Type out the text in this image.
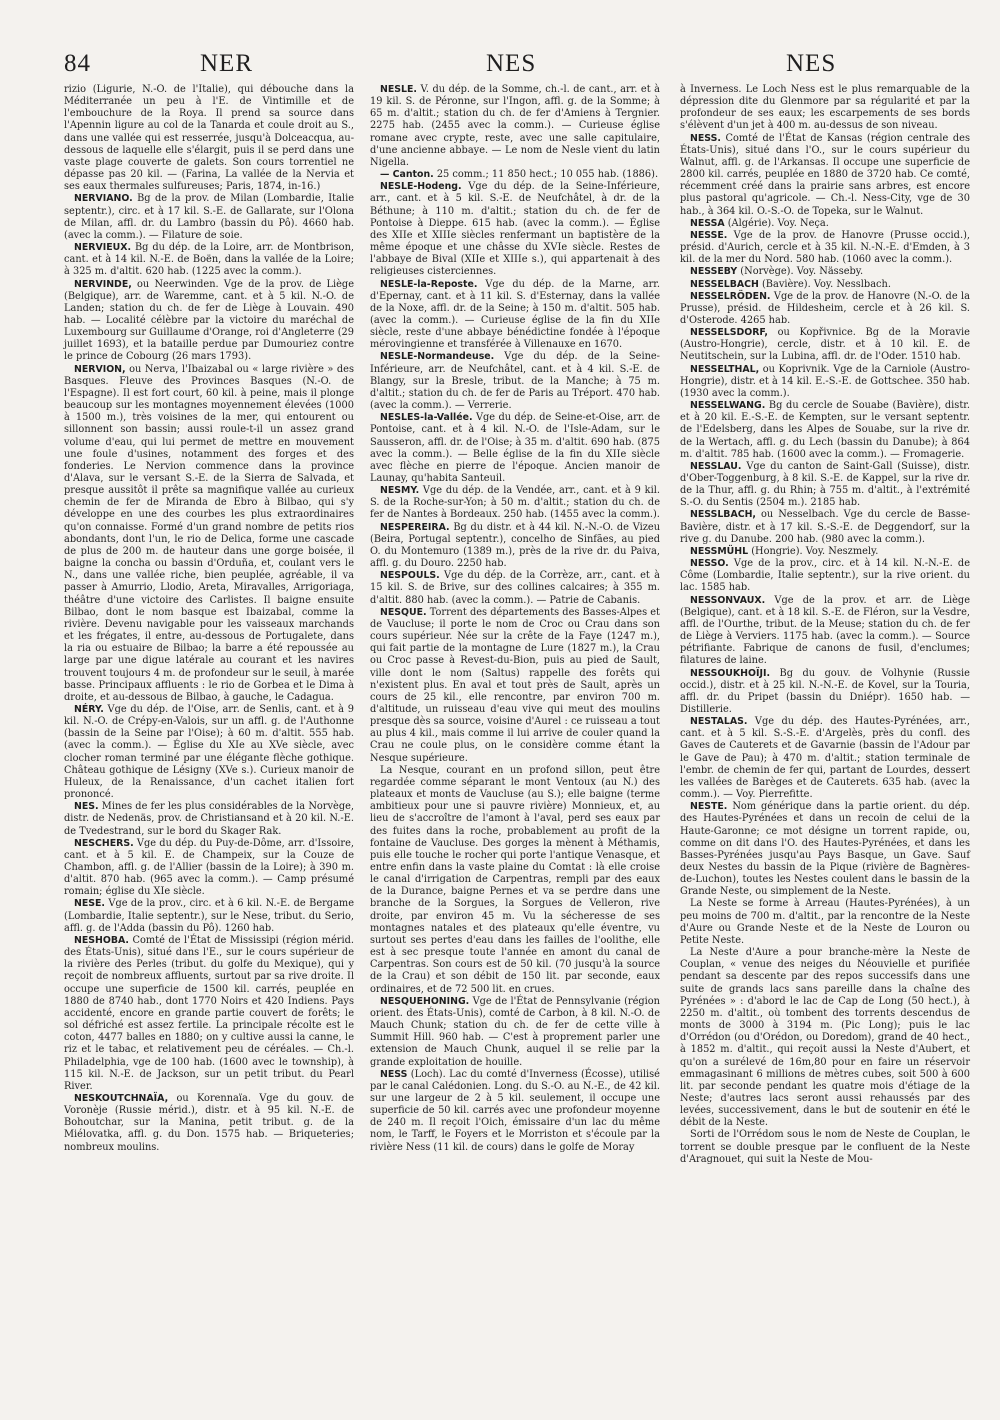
84	NER	NES	NES

rizio (Ligurie, N.-O. de l'Italie), qui débouche dans la Méditerranée un peu à l'E. de Vintimille et de l'embouchure de la Roya. Il prend sa source dans l'Apennin ligure au col de la Tanarda et coule droit au S., dans une vallée qui est resserrée, jusqu'à Dolceacqua, au-dessous de laquelle elle s'élargit, puis il se perd dans une vaste plage couverte de galets. Son cours torrentiel ne dépasse pas 20 kil. — (Farina, La vallée de la Nervia et ses eaux thermales sulfureuses; Paris, 1874, in-16.)

NERVIANO. Bg de la prov. de Milan (Lombardie, Italie septentr.), circ. et à 17 kil. S.-E. de Gallarate, sur l'Olona de Milan, affl. dr. du Lambro (bassin du Pô). 4660 hab. (avec la comm.). — Filature de soie.

NERVIEUX. Bg du dép. de la Loire, arr. de Montbrison, cant. et à 14 kil. N.-E. de Boën, dans la vallée de la Loire; à 325 m. d'altit. 620 hab. (1225 avec la comm.).

NERVINDE, ou Neerwinden. Vge de la prov. de Liège (Belgique), arr. de Waremme, cant. et à 5 kil. N.-O. de Landen; station du ch. de fer de Liège à Louvain. 490 hab. — Localité célèbre par la victoire du maréchal de Luxembourg sur Guillaume d'Orange, roi d'Angleterre (29 juillet 1693), et la bataille perdue par Dumouriez contre le prince de Cobourg (26 mars 1793).

NERVION, ou Nerva, l'Ibaizabal ou « large rivière » des Basques. Fleuve des Provinces Basques (N.-O. de l'Espagne). Il est fort court, 60 kil. à peine, mais il plonge beaucoup sur les montagnes moyennement élevées (1000 à 1500 m.), très voisines de la mer, qui entourent ou sillonnent son bassin; aussi roule-t-il un assez grand volume d'eau, qui lui permet de mettre en mouvement une foule d'usines, notamment des forges et des fonderies. Le Nervion commence dans la province d'Alava, sur le versant S.-E. de la Sierra de Salvada, et presque aussitôt il prête sa magnifique vallée au curieux chemin de fer de Miranda de Ebro à Bilbao, qui s'y développe en une des courbes les plus extraordinaires qu'on connaisse. Formé d'un grand nombre de petits rios abondants, dont l'un, le rio de Delica, forme une cascade de plus de 200 m. de hauteur dans une gorge boisée, il baigne la concha ou bassin d'Orduña, et, coulant vers le N., dans une vallée riche, bien peuplée, agréable, il va passer à Amurrio, Llodio, Areta, Miravalles, Arrigoriaga, théâtre d'une victoire des Carlistes. Il baigne ensuite Bilbao, dont le nom basque est Ibaizabal, comme la rivière. Devenu navigable pour les vaisseaux marchands et les frégates, il entre, au-dessous de Portugalete, dans la ria ou estuaire de Bilbao; la barre a été repoussée au large par une digue latérale au courant et les navires trouvent toujours 4 m. de profondeur sur le seuil, à marée basse. Principaux affluents : le rio de Gorbea et le Dima à droite, et au-dessous de Bilbao, à gauche, le Cadagua.

NÉRY. Vge du dép. de l'Oise, arr. de Senlis, cant. et à 9 kil. N.-O. de Crépy-en-Valois, sur un affl. g. de l'Authonne (bassin de la Seine par l'Oise); à 60 m. d'altit. 555 hab. (avec la comm.). — Église du XIe au XVe siècle, avec clocher roman terminé par une élégante flèche gothique. Château gothique de Lésigny (XVe s.). Curieux manoir de Huleux, de la Renaissance, d'un cachet italien fort prononcé.

NES. Mines de fer les plus considérables de la Norvège, distr. de Nedenäs, prov. de Christiansand et à 20 kil. N.-E. de Tvedestrand, sur le bord du Skager Rak.

NESCHERS. Vge du dép. du Puy-de-Dôme, arr. d'Issoire, cant. et à 5 kil. E. de Champeix, sur la Couze de Chambon, affl. g. de l'Allier (bassin de la Loire); à 390 m. d'altit. 870 hab. (965 avec la comm.). — Camp présumé romain; église du XIe siècle.

NESE. Vge de la prov., circ. et à 6 kil. N.-E. de Bergame (Lombardie, Italie septentr.), sur le Nese, tribut. du Serio, affl. g. de l'Adda (bassin du Pô). 1260 hab.

NESHOBA. Comté de l'État de Mississipi (région mérid. des États-Unis), situé dans l'E., sur le cours supérieur de la rivière des Perles (tribut. du golfe du Mexique), qui y reçoit de nombreux affluents, surtout par sa rive droite. Il occupe une superficie de 1500 kil. carrés, peuplée en 1880 de 8740 hab., dont 1770 Noirs et 420 Indiens. Pays accidenté, encore en grande partie couvert de forêts; le sol défriché est assez fertile. La principale récolte est le coton, 4477 balles en 1880; on y cultive aussi la canne, le riz et le tabac, et relativement peu de céréales. — Ch.-l. Philadelphia, vge de 100 hab. (1600 avec le township), à 115 kil. N.-E. de Jackson, sur un petit tribut. du Pearl River.

NESKOUTCHNAÏA, ou Korennaïa. Vge du gouv. de Voronèje (Russie mérid.), distr. et à 95 kil. N.-E. de Bohoutchar, sur la Manina, petit tribut. g. de la Miélovatka, affl. g. du Don. 1575 hab. — Briqueteries; nombreux moulins.

NESLE. V. du dép. de la Somme, ch.-l. de cant., arr. et à 19 kil. S. de Péronne, sur l'Ingon, affl. g. de la Somme; à 65 m. d'altit.; station du ch. de fer d'Amiens à Tergnier. 2275 hab. (2455 avec la comm.). — Curieuse église romane avec crypte, reste, avec une salle capitulaire, d'une ancienne abbaye. — Le nom de Nesle vient du latin Nigella.

— Canton. 25 comm.; 11 850 hect.; 10 055 hab. (1886).

NESLE-Hodeng. Vge du dép. de la Seine-Inférieure, arr., cant. et à 5 kil. S.-E. de Neufchâtel, à dr. de la Béthune; à 110 m. d'altit.; station du ch. de fer de Pontoise à Dieppe. 615 hab. (avec la comm.). — Église des XIIe et XIIIe siècles renfermant un baptistère de la même époque et une châsse du XVIe siècle. Restes de l'abbaye de Bival (XIIe et XIIIe s.), qui appartenait à des religieuses cisterciennes.

NESLE-la-Reposte. Vge du dép. de la Marne, arr. d'Epernay, cant. et à 11 kil. S. d'Esternay, dans la vallée de la Noxe, affl. dr. de la Seine; à 150 m. d'altit. 505 hab. (avec la comm.). — Curieuse église de la fin du XIIe siècle, reste d'une abbaye bénédictine fondée à l'époque mérovingienne et transférée à Villenauxe en 1670.

NESLE-Normandeuse. Vge du dép. de la Seine-Inférieure, arr. de Neufchâtel, cant. et à 4 kil. S.-E. de Blangy, sur la Bresle, tribut. de la Manche; à 75 m. d'altit.; station du ch. de fer de Paris au Tréport. 470 hab. (avec la comm.). — Verrerie.

NESLES-la-Vallée. Vge du dép. de Seine-et-Oise, arr. de Pontoise, cant. et à 4 kil. N.-O. de l'Isle-Adam, sur le Sausseron, affl. dr. de l'Oise; à 35 m. d'altit. 690 hab. (875 avec la comm.). — Belle église de la fin du XIIe siècle avec flèche en pierre de l'époque. Ancien manoir de Launay, qu'habita Santeuil.

NESMY. Vge du dép. de la Vendée, arr., cant. et à 9 kil. S. de la Roche-sur-Yon; à 50 m. d'altit.; station du ch. de fer de Nantes à Bordeaux. 250 hab. (1455 avec la comm.).

NESPEREIRA. Bg du distr. et à 44 kil. N.-N.-O. de Vizeu (Beira, Portugal septentr.), concelho de Sinfães, au pied O. du Montemuro (1389 m.), près de la rive dr. du Paiva, affl. g. du Douro. 2250 hab.

NESPOULS. Vge du dép. de la Corrèze, arr., cant. et à 15 kil. S. de Brive, sur des collines calcaires; à 355 m. d'altit. 880 hab. (avec la comm.). — Patrie de Cabanis.

NESQUE. Torrent des départements des Basses-Alpes et de Vaucluse; il porte le nom de Croc ou Crau dans son cours supérieur. Née sur la crête de la Faye (1247 m.), qui fait partie de la montagne de Lure (1827 m.), la Crau ou Croc passe à Revest-du-Bion, puis au pied de Sault, ville dont le nom (Saltus) rappelle des forêts qui n'existent plus. En aval et tout près de Sault, après un cours de 25 kil., elle rencontre, par environ 700 m. d'altitude, un ruisseau d'eau vive qui meut des moulins presque dès sa source, voisine d'Aurel : ce ruisseau a tout au plus 4 kil., mais comme il lui arrive de couler quand la Crau ne coule plus, on le considère comme étant la Nesque supérieure.

La Nesque, courant en un profond sillon, peut être regardée comme séparant le mont Ventoux (au N.) des plateaux et monts de Vaucluse (au S.); elle baigne (terme ambitieux pour une si pauvre rivière) Monnieux, et, au lieu de s'accroître de l'amont à l'aval, perd ses eaux par des fuites dans la roche, probablement au profit de la fontaine de Vaucluse. Des gorges la mènent à Méthamis, puis elle touche le rocher qui porte l'antique Venasque, et entre enfin dans la vaste plaine du Comtat : là elle croise le canal d'irrigation de Carpentras, rempli par des eaux de la Durance, baigne Pernes et va se perdre dans une branche de la Sorgues, la Sorgues de Velleron, rive droite, par environ 45 m. Vu la sécheresse de ses montagnes natales et des plateaux qu'elle éventre, vu surtout ses pertes d'eau dans les failles de l'oolithe, elle est à sec presque toute l'année en amont du canal de Carpentras. Son cours est de 50 kil. (70 jusqu'à la source de la Crau) et son débit de 150 lit. par seconde, eaux ordinaires, et de 72 500 lit. en crues.

NESQUEHONING. Vge de l'État de Pennsylvanie (région orient. des États-Unis), comté de Carbon, à 8 kil. N.-O. de Mauch Chunk; station du ch. de fer de cette ville à Summit Hill. 960 hab. — C'est à proprement parler une extension de Mauch Chunk, auquel il se relie par la grande exploitation de houille.

NESS (Loch). Lac du comté d'Inverness (Écosse), utilisé par le canal Calédonien. Long. du S.-O. au N.-E., de 42 kil. sur une largeur de 2 à 5 kil. seulement, il occupe une superficie de 50 kil. carrés avec une profondeur moyenne de 240 m. Il reçoit l'Oich, émissaire d'un lac du même nom, le Tarff, le Foyers et le Morriston et s'écoule par la rivière Ness (11 kil. de cours) dans le golfe de Moray

à Inverness. Le Loch Ness est le plus remarquable de la dépression dite du Glenmore par sa régularité et par la profondeur de ses eaux; les escarpements de ses bords s'élèvent d'un jet à 400 m. au-dessus de son niveau.

NESS. Comté de l'État de Kansas (région centrale des États-Unis), situé dans l'O., sur le cours supérieur du Walnut, affl. g. de l'Arkansas. Il occupe une superficie de 2800 kil. carrés, peuplée en 1880 de 3720 hab. Ce comté, récemment créé dans la prairie sans arbres, est encore plus pastoral qu'agricole. — Ch.-l. Ness-City, vge de 30 hab., à 364 kil. O.-S.-O. de Topeka, sur le Walnut.

NESSA (Algérie). Voy. Neça.

NESSE. Vge de la prov. de Hanovre (Prusse occid.), présid. d'Aurich, cercle et à 35 kil. N.-N.-E. d'Emden, à 3 kil. de la mer du Nord. 580 hab. (1060 avec la comm.).

NESSEBY (Norvège). Voy. Nässeby.

NESSELBACH (Bavière). Voy. Nesslbach.

NESSELRÖDEN. Vge de la prov. de Hanovre (N.-O. de la Prusse), présid. de Hildesheim, cercle et à 26 kil. S. d'Osterode. 4265 hab.

NESSELSDORF, ou Kopřivnice. Bg de la Moravie (Austro-Hongrie), cercle, distr. et à 10 kil. E. de Neutitschein, sur la Lubina, affl. dr. de l'Oder. 1510 hab.

NESSELTHAL, ou Koprivnik. Vge de la Carniole (Austro-Hongrie), distr. et à 14 kil. E.-S.-E. de Gottschee. 350 hab. (1930 avec la comm.).

NESSELWANG. Bg du cercle de Souabe (Bavière), distr. et à 20 kil. E.-S.-E. de Kempten, sur le versant septentr. de l'Edelsberg, dans les Alpes de Souabe, sur la rive dr. de la Wertach, affl. g. du Lech (bassin du Danube); à 864 m. d'altit. 785 hab. (1600 avec la comm.). — Fromagerie.

NESSLAU. Vge du canton de Saint-Gall (Suisse), distr. d'Ober-Toggenburg, à 8 kil. S.-E. de Kappel, sur la rive dr. de la Thur, affl. g. du Rhin; à 755 m. d'altit., à l'extrémité S.-O. du Sentis (2504 m.). 2185 hab.

NESSLBACH, ou Nesselbach. Vge du cercle de Basse-Bavière, distr. et à 17 kil. S.-S.-E. de Deggendorf, sur la rive g. du Danube. 200 hab. (980 avec la comm.).

NESSMÜHL (Hongrie). Voy. Neszmely.

NESSO. Vge de la prov., circ. et à 14 kil. N.-N.-E. de Côme (Lombardie, Italie septentr.), sur la rive orient. du lac. 1585 hab.

NESSONVAUX. Vge de la prov. et arr. de Liège (Belgique), cant. et à 18 kil. S.-E. de Fléron, sur la Vesdre, affl. de l'Ourthe, tribut. de la Meuse; station du ch. de fer de Liège à Verviers. 1175 hab. (avec la comm.). — Source pétrifiante. Fabrique de canons de fusil, d'enclumes; filatures de laine.

NESSOUKHOÏJI. Bg du gouv. de Volhynie (Russie occid.), distr. et à 25 kil. N.-N.-E. de Kovel, sur la Touria, affl. dr. du Pripet (bassin du Dniépr). 1650 hab. — Distillerie.

NESTALAS. Vge du dép. des Hautes-Pyrénées, arr., cant. et à 5 kil. S.-S.-E. d'Argelès, près du confl. des Gaves de Cauterets et de Gavarnie (bassin de l'Adour par le Gave de Pau); à 470 m. d'altit.; station terminale de l'embr. de chemin de fer qui, partant de Lourdes, dessert les vallées de Barèges et de Cauterets. 635 hab. (avec la comm.). — Voy. Pierrefitte.

NESTE. Nom générique dans la partie orient. du dép. des Hautes-Pyrénées et dans un recoin de celui de la Haute-Garonne; ce mot désigne un torrent rapide, ou, comme on dit dans l'O. des Hautes-Pyrénées, et dans les Basses-Pyrénées jusqu'au Pays Basque, un Gave. Sauf deux Nestes du bassin de la Pique (rivière de Bagnères-de-Luchon), toutes les Nestes coulent dans le bassin de la Grande Neste, ou simplement de la Neste.

La Neste se forme à Arreau (Hautes-Pyrénées), à un peu moins de 700 m. d'altit., par la rencontre de la Neste d'Aure ou Grande Neste et de la Neste de Louron ou Petite Neste.

La Neste d'Aure a pour branche-mère la Neste de Couplan, « venue des neiges du Néouvielle et purifiée pendant sa descente par des repos successifs dans une suite de grands lacs sans pareille dans la chaîne des Pyrénées » : d'abord le lac de Cap de Long (50 hect.), à 2250 m. d'altit., où tombent des torrents descendus de monts de 3000 à 3194 m. (Pic Long); puis le lac d'Orrédon (ou d'Orédon, ou Doredom), grand de 40 hect., à 1852 m. d'altit., qui reçoit aussi la Neste d'Aubert, et qu'on a surélevé de 16m,80 pour en faire un réservoir emmagasinant 6 millions de mètres cubes, soit 500 à 600 lit. par seconde pendant les quatre mois d'étiage de la Neste; d'autres lacs seront aussi rehaussés par des levées, successivement, dans le but de soutenir en été le débit de la Neste.

Sorti de l'Orrédom sous le nom de Neste de Couplan, le torrent se double presque par le confluent de la Neste d'Aragnouet, qui suit la Neste de Mou-
